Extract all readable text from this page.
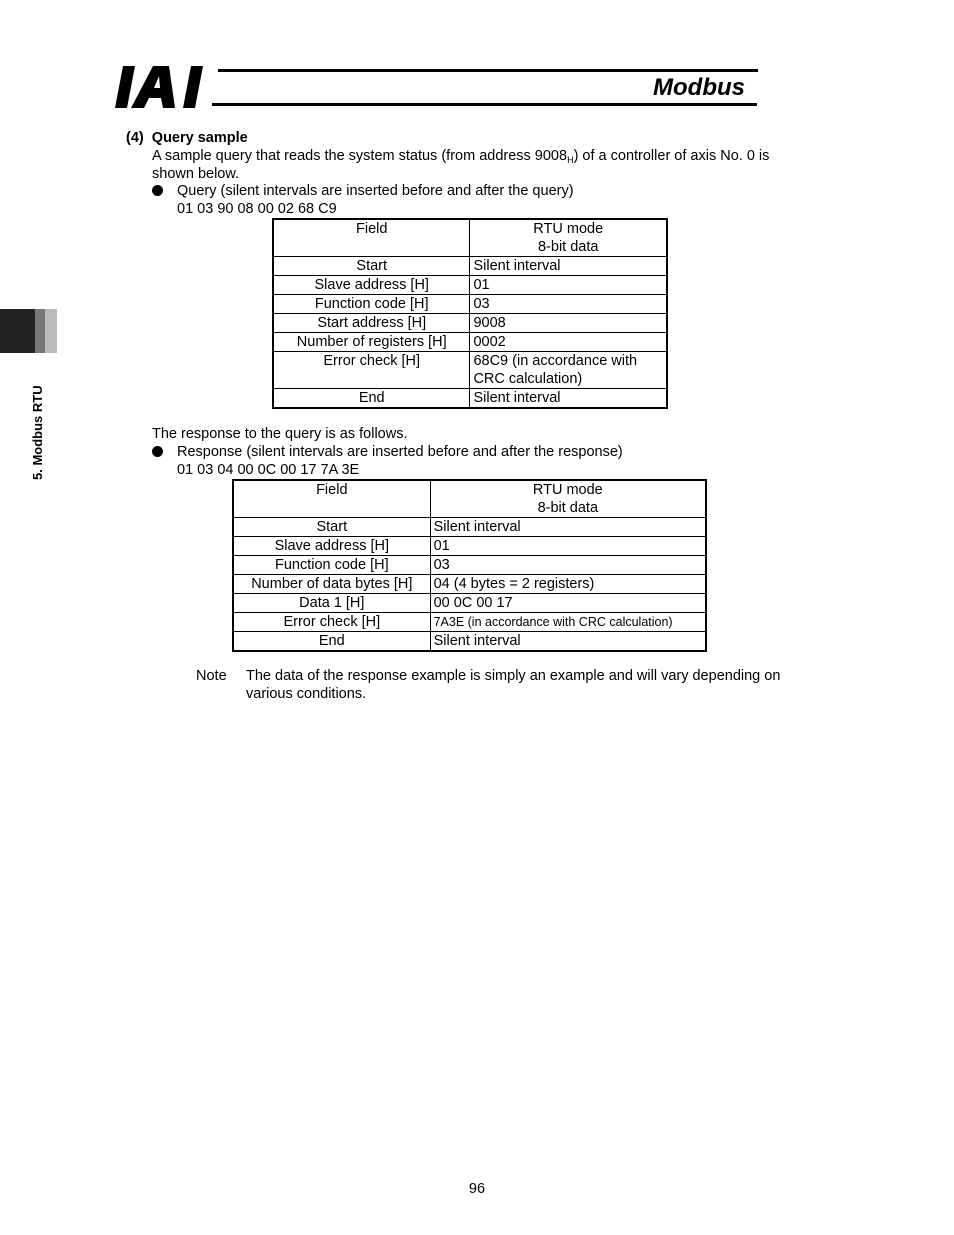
Modbus
5. Modbus RTU
(4) Query sample
A sample query that reads the system status (from address $9008_H$) of a controller of axis No. 0 is
shown below.
Query (silent intervals are inserted before and after the query)
01 03 90 08 00 02 68 C9
Field	RTU mode
8-bit data
Start	Silent interval
Slave address [H]	01
Function code [H]	03
Start address [H]	9008
Number of registers [H]	0002
Error check [H]	68C9 (in accordance with
CRC calculation)
End	Silent interval
The response to the query is as follows.
Response (silent intervals are inserted before and after the response)
01 03 04 00 0C 00 17 7A 3E
Field	RTU mode
8-bit data
Start	Silent interval
Slave address [H]	01
Function code [H]	03
Number of data bytes [H]	04 (4 bytes = 2 registers)
Data 1 [H]	00 0C 00 17
Error check [H]	7A3E (in accordance with CRC calculation)
End	Silent interval
Note The data of the response example is simply an example and will vary depending on
various conditions.
96
